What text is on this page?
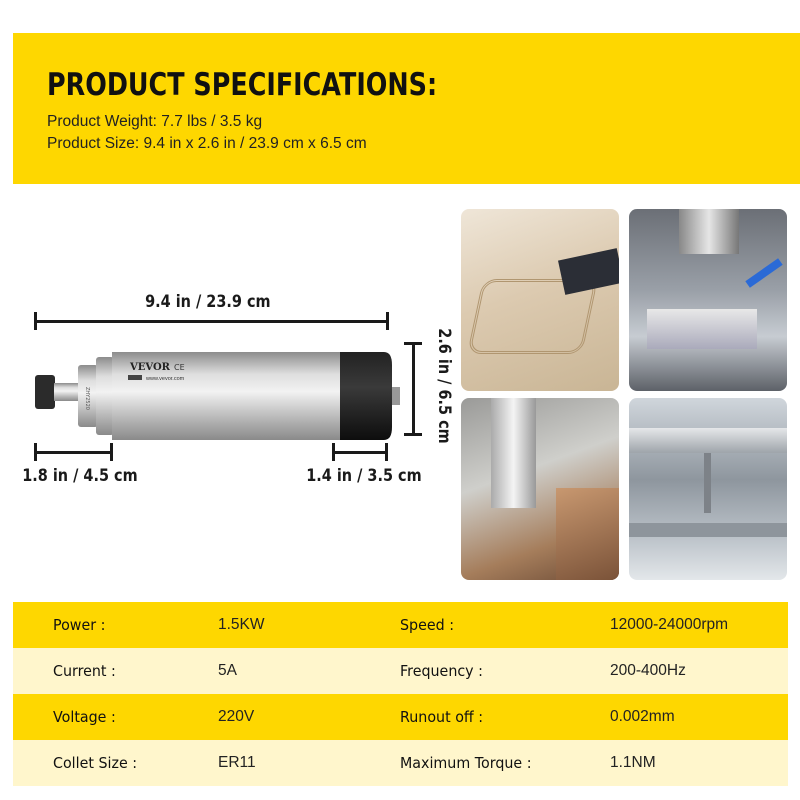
PRODUCT SPECIFICATIONS:
Product Weight: 7.7 lbs / 3.5 kg
Product Size: 9.4 in x 2.6 in / 23.9 cm x 6.5 cm
9.4 in / 23.9 cm
2.6 in / 6.5 cm
1.8 in / 4.5 cm	1.4 in / 3.5 cm
VEVOR CE
www.vevor.com
ZHY2520
Power :	1.5KW	Speed :	12000-24000rpm
Current :	5A	Frequency :	200-400Hz
Voltage :	220V	Runout off :	0.002mm
Collet Size :	ER11	Maximum Torque :	1.1NM
